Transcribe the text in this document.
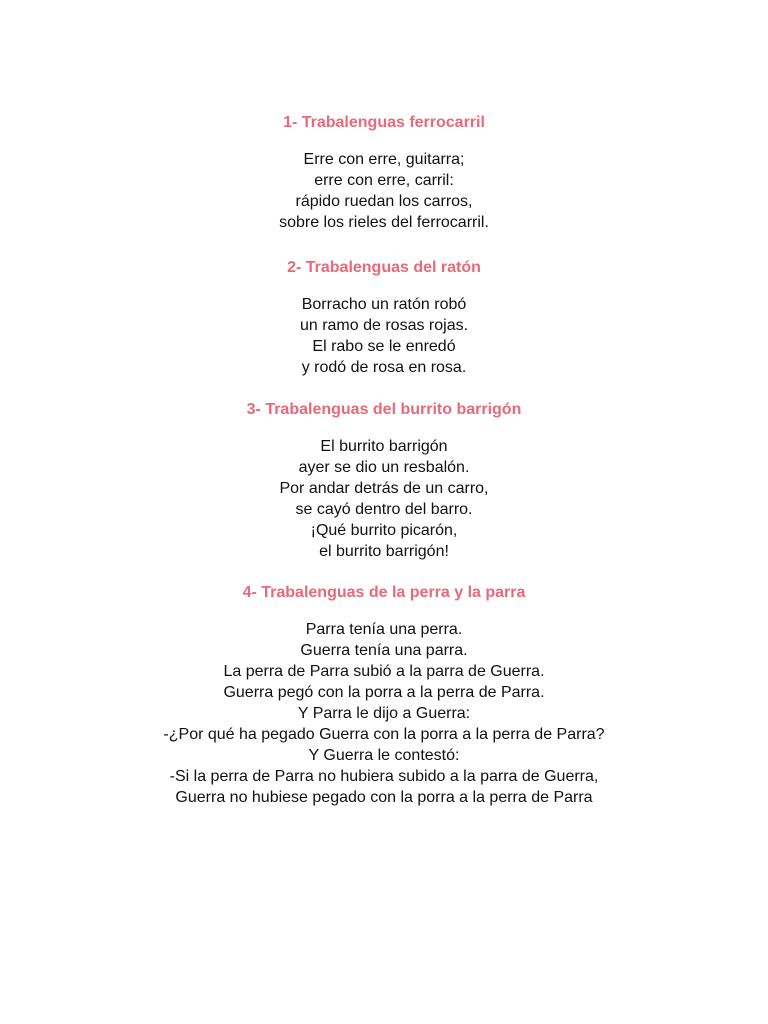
1- Trabalenguas ferrocarril
Erre con erre, guitarra;
erre con erre, carril:
rápido ruedan los carros,
sobre los rieles del ferrocarril.
2- Trabalenguas del ratón
Borracho un ratón robó
un ramo de rosas rojas.
El rabo se le enredó
y rodó de rosa en rosa.
3- Trabalenguas del burrito barrigón
El burrito barrigón
ayer se dio un resbalón.
Por andar detrás de un carro,
se cayó dentro del barro.
¡Qué burrito picarón,
el burrito barrigón!
4- Trabalenguas de la perra y la parra
Parra tenía una perra.
Guerra tenía una parra.
La perra de Parra subió a la parra de Guerra.
Guerra pegó con la porra a la perra de Parra.
Y Parra le dijo a Guerra:
-¿Por qué ha pegado Guerra con la porra a la perra de Parra?
Y Guerra le contestó:
-Si la perra de Parra no hubiera subido a la parra de Guerra,
Guerra no hubiese pegado con la porra a la perra de Parra
